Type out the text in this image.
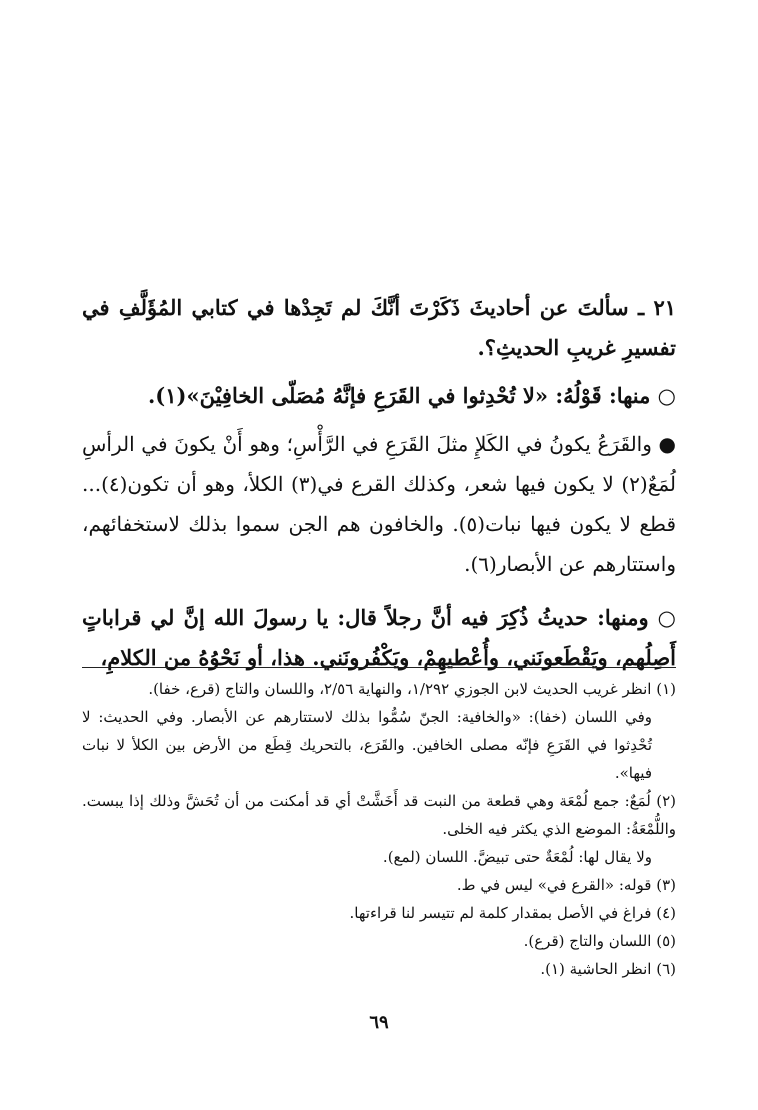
٢١ ـ سألتَ عن أحاديثَ ذَكَرْتَ أنَّكَ لم تَجِدْها في كتابي المُؤَلَّفِ في تفسيرِ غريبِ الحديثِ؟.

○ منها: قَوْلُهُ: «لا تُحْدِثوا في القَرَعِ فإنَّهُ مُصَلّى الخافِيْنَ»(١).

● والقَرَعُ يكونُ في الكَلإِ مثلَ القَرَعِ في الرَّأْسِ؛ وهو أَنْ يكونَ في الرأسِ لُمَعٌ(٢) لا يكون فيها شعر، وكذلك القرع في(٣) الكلأ، وهو أن تكون(٤)... قطع لا يكون فيها نبات(٥). والخافون هم الجن سموا بذلك لاستخفائهم، واستتارهم عن الأبصار(٦).

○ ومنها: حديثُ ذُكِرَ فيه أنَّ رجلاً قال: يا رسولَ الله إنَّ لي قراباتٍ أَصِلُهم، ويَقْطَعونَني، وأُعْطيهِمْ، ويَكْفُرونَني. هذا، أو نَحْوُهُ من الكلامِ،

(١) انظر غريب الحديث لابن الجوزي ١/٢٩٢، والنهاية ٢/٥٦، واللسان والتاج (قرع، خفا).

وفي اللسان (خفا): «والخافية: الجنّ سُمُّوا بذلك لاستتارهم عن الأبصار. وفي الحديث: لا تُحْدِثوا في القَرَعِ فإنّه مصلى الخافين. والقَرَع، بالتحريك قِطَع من الأرض بين الكلأ لا نبات فيها».

(٢) لُمَعٌ: جمع لُمْعَة وهي قطعة من النبت قد أَخَشَّتْ أي قد أمكنت من أن تُحَشَّ وذلك إذا يبست. واللُّمْعَةُ: الموضع الذي يكثر فيه الخلى.

ولا يقال لها: لُمْعَةٌ حتى تبيضَّ. اللسان (لمع).

(٣) قوله: «القرع في» ليس في ط.

(٤) فراغ في الأصل بمقدار كلمة لم تتيسر لنا قراءتها.

(٥) اللسان والتاج (قرع).

(٦) انظر الحاشية (١).

٦٩
